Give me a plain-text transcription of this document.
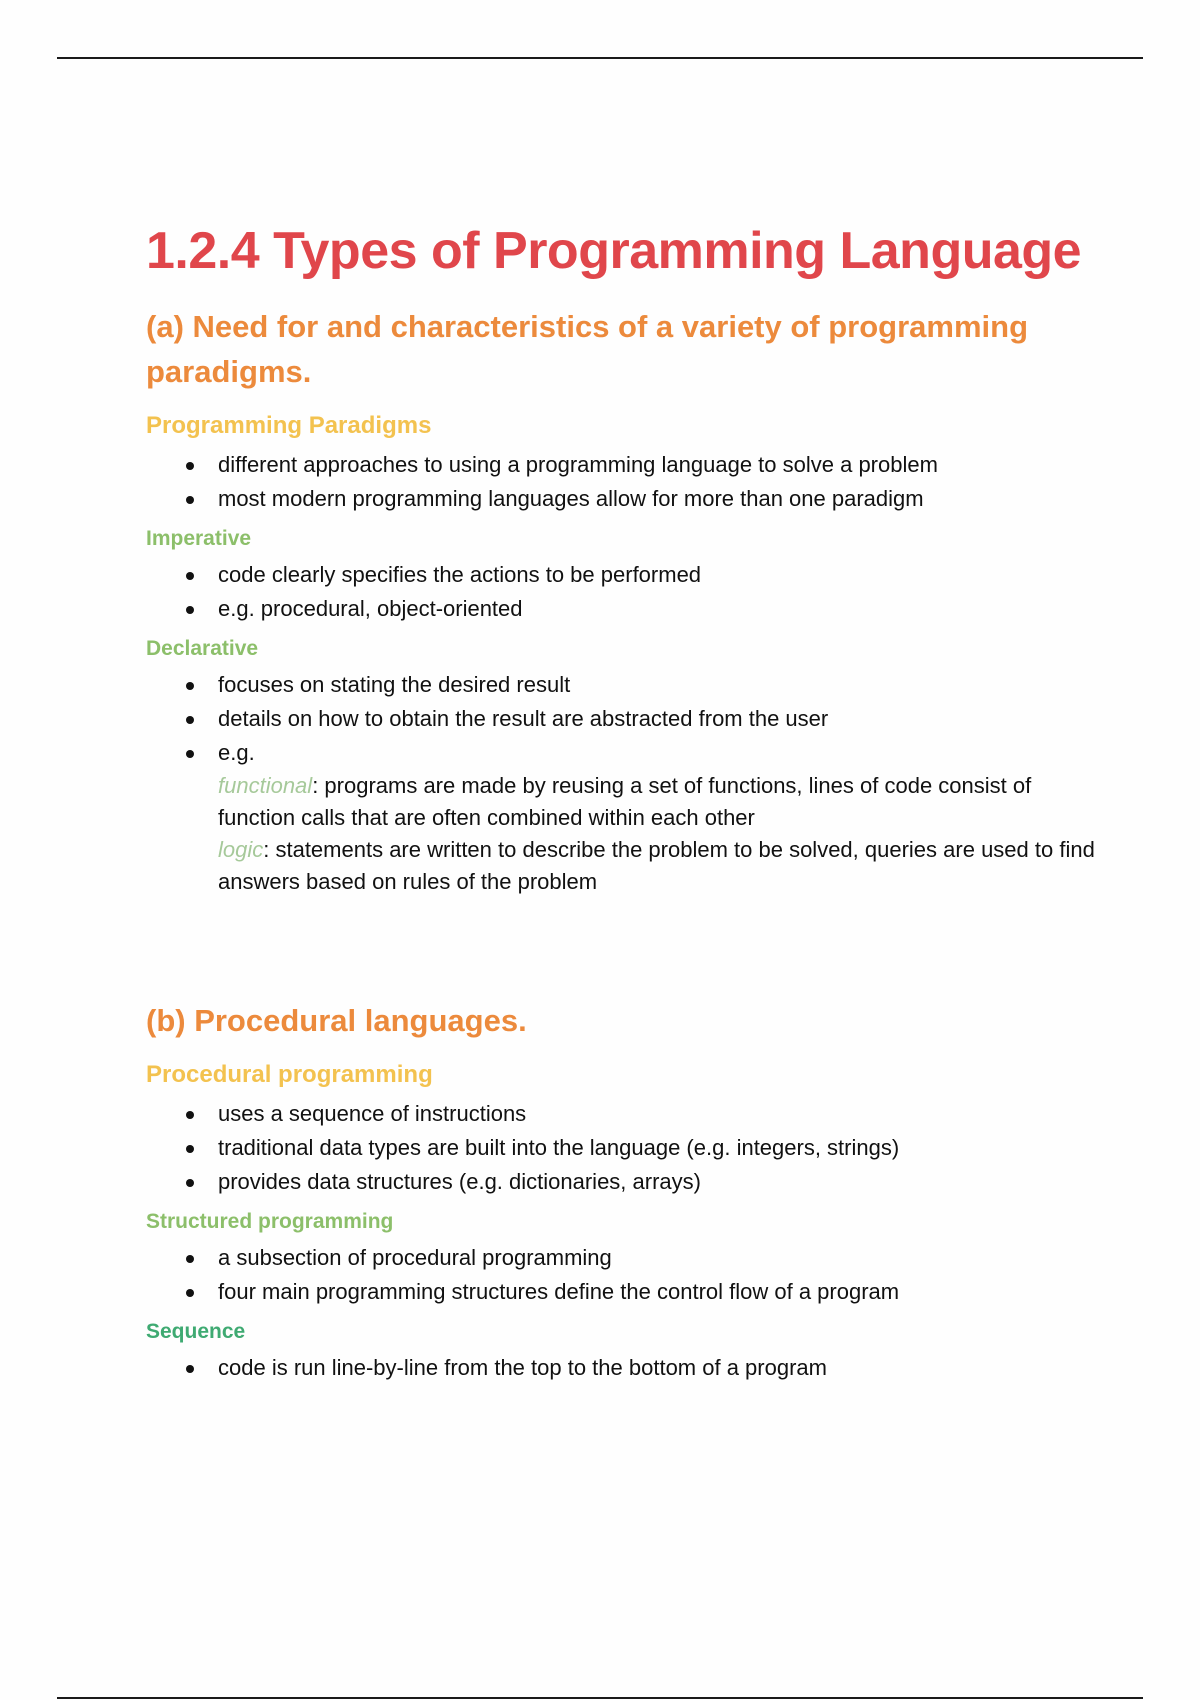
1.2.4 Types of Programming Language
(a) Need for and characteristics of a variety of programming paradigms.
Programming Paradigms
different approaches to using a programming language to solve a problem
most modern programming languages allow for more than one paradigm
Imperative
code clearly specifies the actions to be performed
e.g. procedural, object-oriented
Declarative
focuses on stating the desired result
details on how to obtain the result are abstracted from the user
e.g.
functional: programs are made by reusing a set of functions, lines of code consist of function calls that are often combined within each other
logic: statements are written to describe the problem to be solved, queries are used to find answers based on rules of the problem
(b) Procedural languages.
Procedural programming
uses a sequence of instructions
traditional data types are built into the language (e.g. integers, strings)
provides data structures (e.g. dictionaries, arrays)
Structured programming
a subsection of procedural programming
four main programming structures define the control flow of a program
Sequence
code is run line-by-line from the top to the bottom of a program
